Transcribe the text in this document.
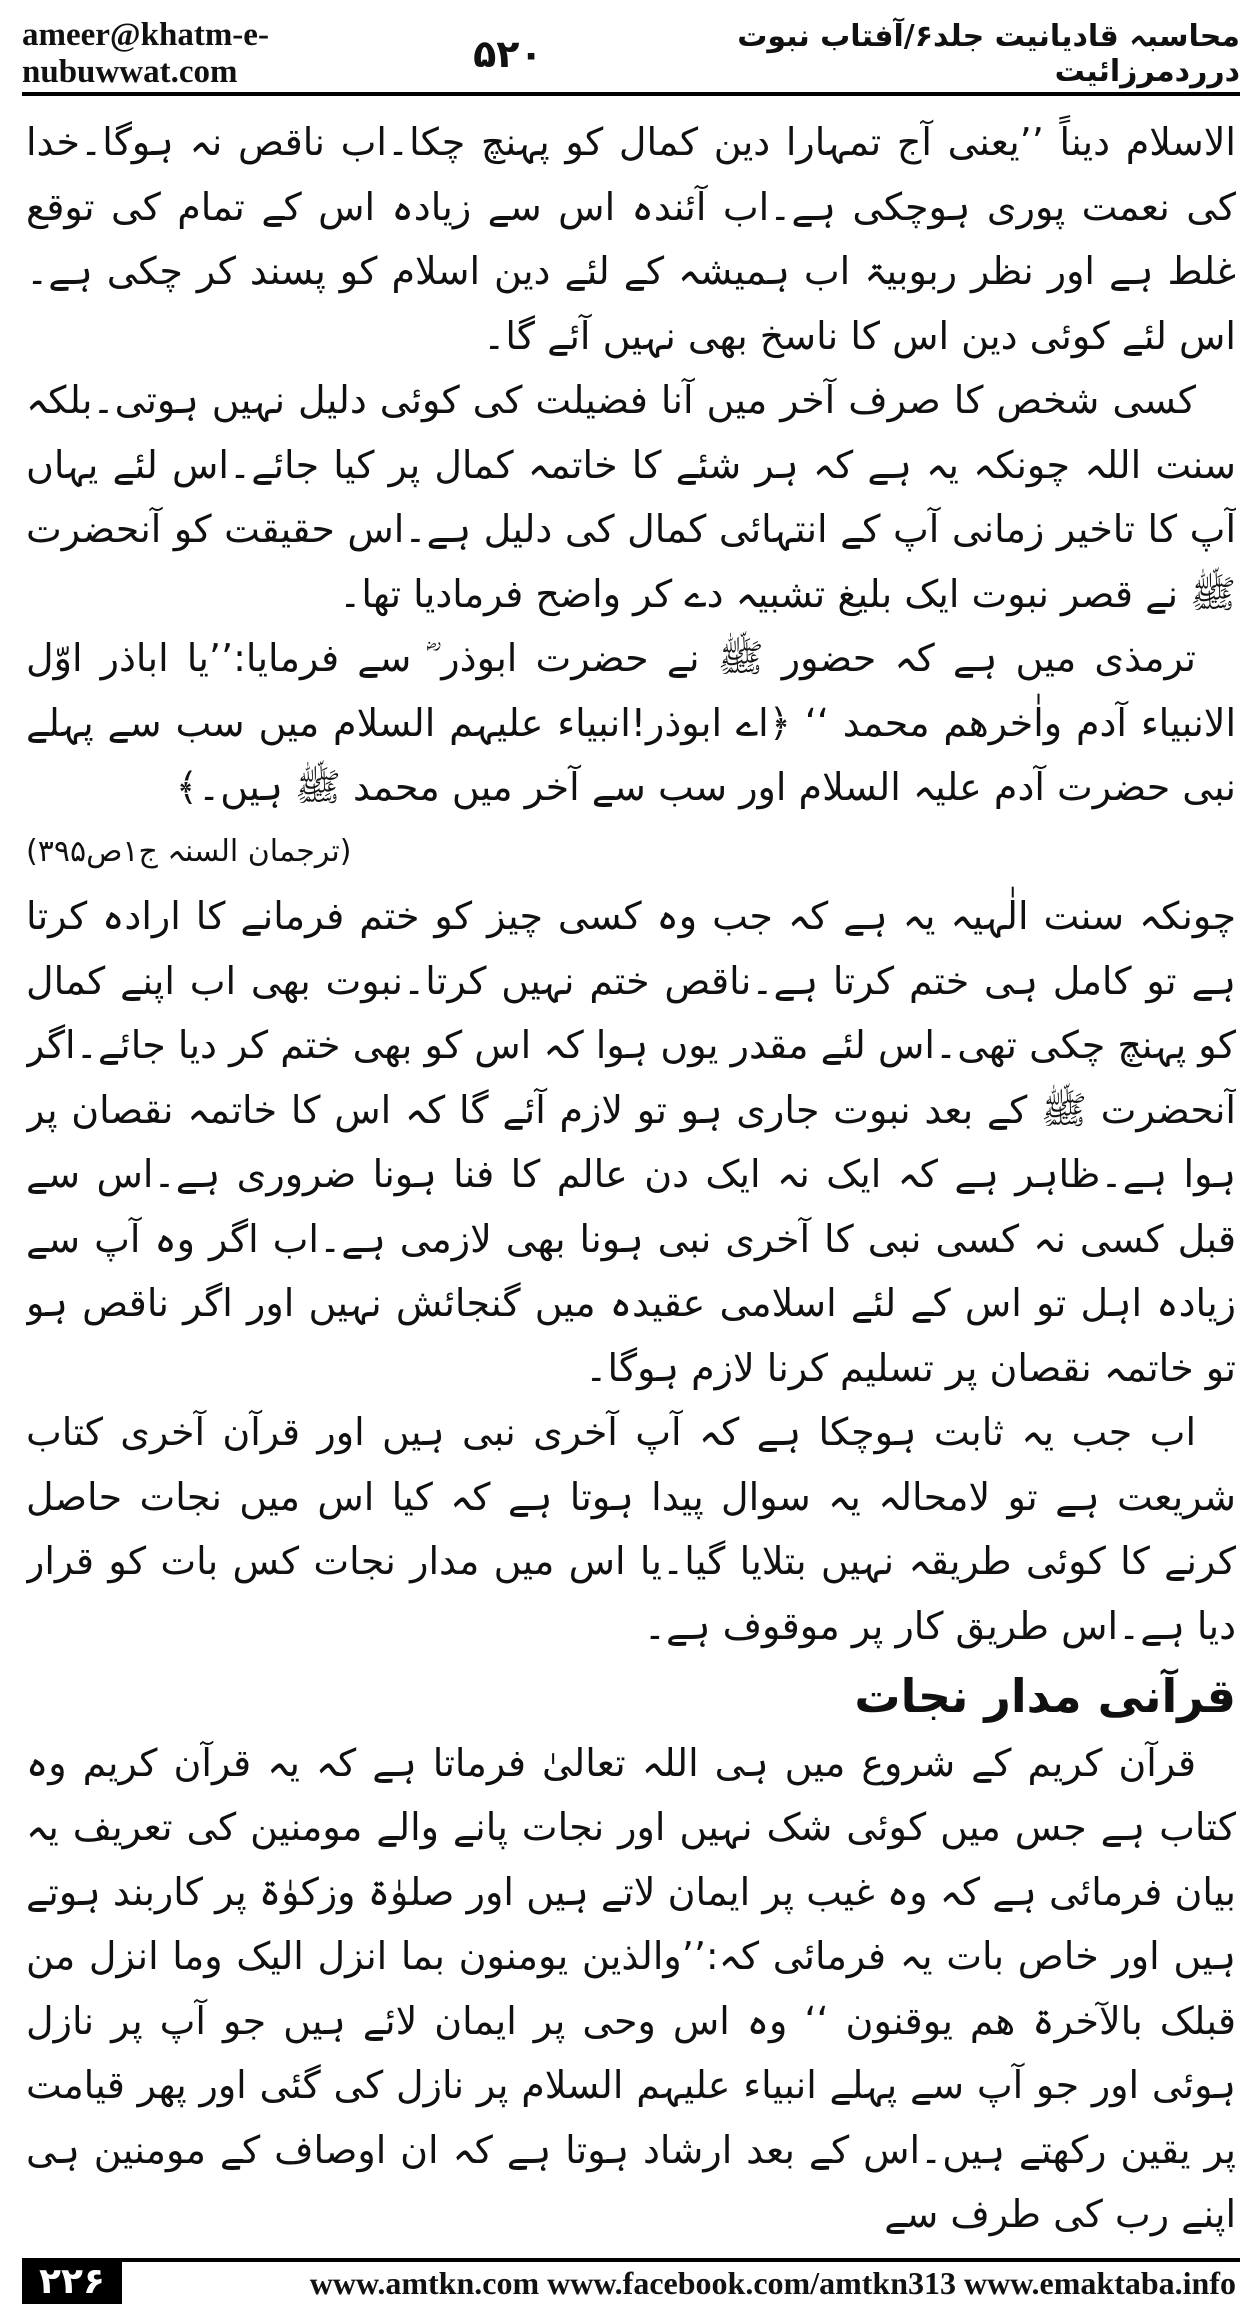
ameer@khatm-e-nubuwwat.com
محاسبہ قادیانیت جلد۶/آفتاب نبوت درردمرزائیت
۵۲۰

الاسلام دیناً ’’یعنی آج تمہارا دین کمال کو پہنچ چکا۔اب ناقص نہ ہوگا۔خدا کی نعمت پوری ہوچکی ہے۔اب آئندہ اس سے زیادہ اس کے تمام کی توقع غلط ہے اور نظر ربوبیۃ اب ہمیشہ کے لئے دین اسلام کو پسند کر چکی ہے۔اس لئے کوئی دین اس کا ناسخ بھی نہیں آئے گا۔

کسی شخص کا صرف آخر میں آنا فضیلت کی کوئی دلیل نہیں ہوتی۔بلکہ سنت اللہ چونکہ یہ ہے کہ ہر شئے کا خاتمہ کمال پر کیا جائے۔اس لئے یہاں آپ کا تاخیر زمانی آپ کے انتہائی کمال کی دلیل ہے۔اس حقیقت کو آنحضرت ﷺ نے قصر نبوت ایک بلیغ تشبیہ دے کر واضح فرمادیا تھا۔

ترمذی میں ہے کہ حضور ﷺ نے حضرت ابوذر ؓ سے فرمایا:’’یا اباذر اوّل الانبیاء آدم واٰخرھم محمد ‘‘ ﴿اے ابوذر!انبیاء علیہم السلام میں سب سے پہلے نبی حضرت آدم علیہ السلام اور سب سے آخر میں محمد ﷺ ہیں۔﴾

(ترجمان السنہ ج۱ص۳۹۵)

چونکہ سنت الٰہیہ یہ ہے کہ جب وہ کسی چیز کو ختم فرمانے کا ارادہ کرتا ہے تو کامل ہی ختم کرتا ہے۔ناقص ختم نہیں کرتا۔نبوت بھی اب اپنے کمال کو پہنچ چکی تھی۔اس لئے مقدر یوں ہوا کہ اس کو بھی ختم کر دیا جائے۔اگر آنحضرت ﷺ کے بعد نبوت جاری ہو تو لازم آئے گا کہ اس کا خاتمہ نقصان پر ہوا ہے۔ظاہر ہے کہ ایک نہ ایک دن عالم کا فنا ہونا ضروری ہے۔اس سے قبل کسی نہ کسی نبی کا آخری نبی ہونا بھی لازمی ہے۔اب اگر وہ آپ سے زیادہ اہل تو اس کے لئے اسلامی عقیدہ میں گنجائش نہیں اور اگر ناقص ہو تو خاتمہ نقصان پر تسلیم کرنا لازم ہوگا۔

اب جب یہ ثابت ہوچکا ہے کہ آپ آخری نبی ہیں اور قرآن آخری کتاب شریعت ہے تو لامحالہ یہ سوال پیدا ہوتا ہے کہ کیا اس میں نجات حاصل کرنے کا کوئی طریقہ نہیں بتلایا گیا۔یا اس میں مدار نجات کس بات کو قرار دیا ہے۔اس طریق کار پر موقوف ہے۔

قرآنی مدار نجات

قرآن کریم کے شروع میں ہی اللہ تعالیٰ فرماتا ہے کہ یہ قرآن کریم وہ کتاب ہے جس میں کوئی شک نہیں اور نجات پانے والے مومنین کی تعریف یہ بیان فرمائی ہے کہ وہ غیب پر ایمان لاتے ہیں اور صلوٰۃ وزکوٰۃ پر کاربند ہوتے ہیں اور خاص بات یہ فرمائی کہ:’’والذین یومنون بما انزل الیک وما انزل من قبلک بالآخرۃ ھم یوقنون ‘‘ وہ اس وحی پر ایمان لائے ہیں جو آپ پر نازل ہوئی اور جو آپ سے پہلے انبیاء علیہم السلام پر نازل کی گئی اور پھر قیامت پر یقین رکھتے ہیں۔اس کے بعد ارشاد ہوتا ہے کہ ان اوصاف کے مومنین ہی اپنے رب کی طرف سے

۲۲۶	www.amtkn.com www.facebook.com/amtkn313 www.emaktaba.info
